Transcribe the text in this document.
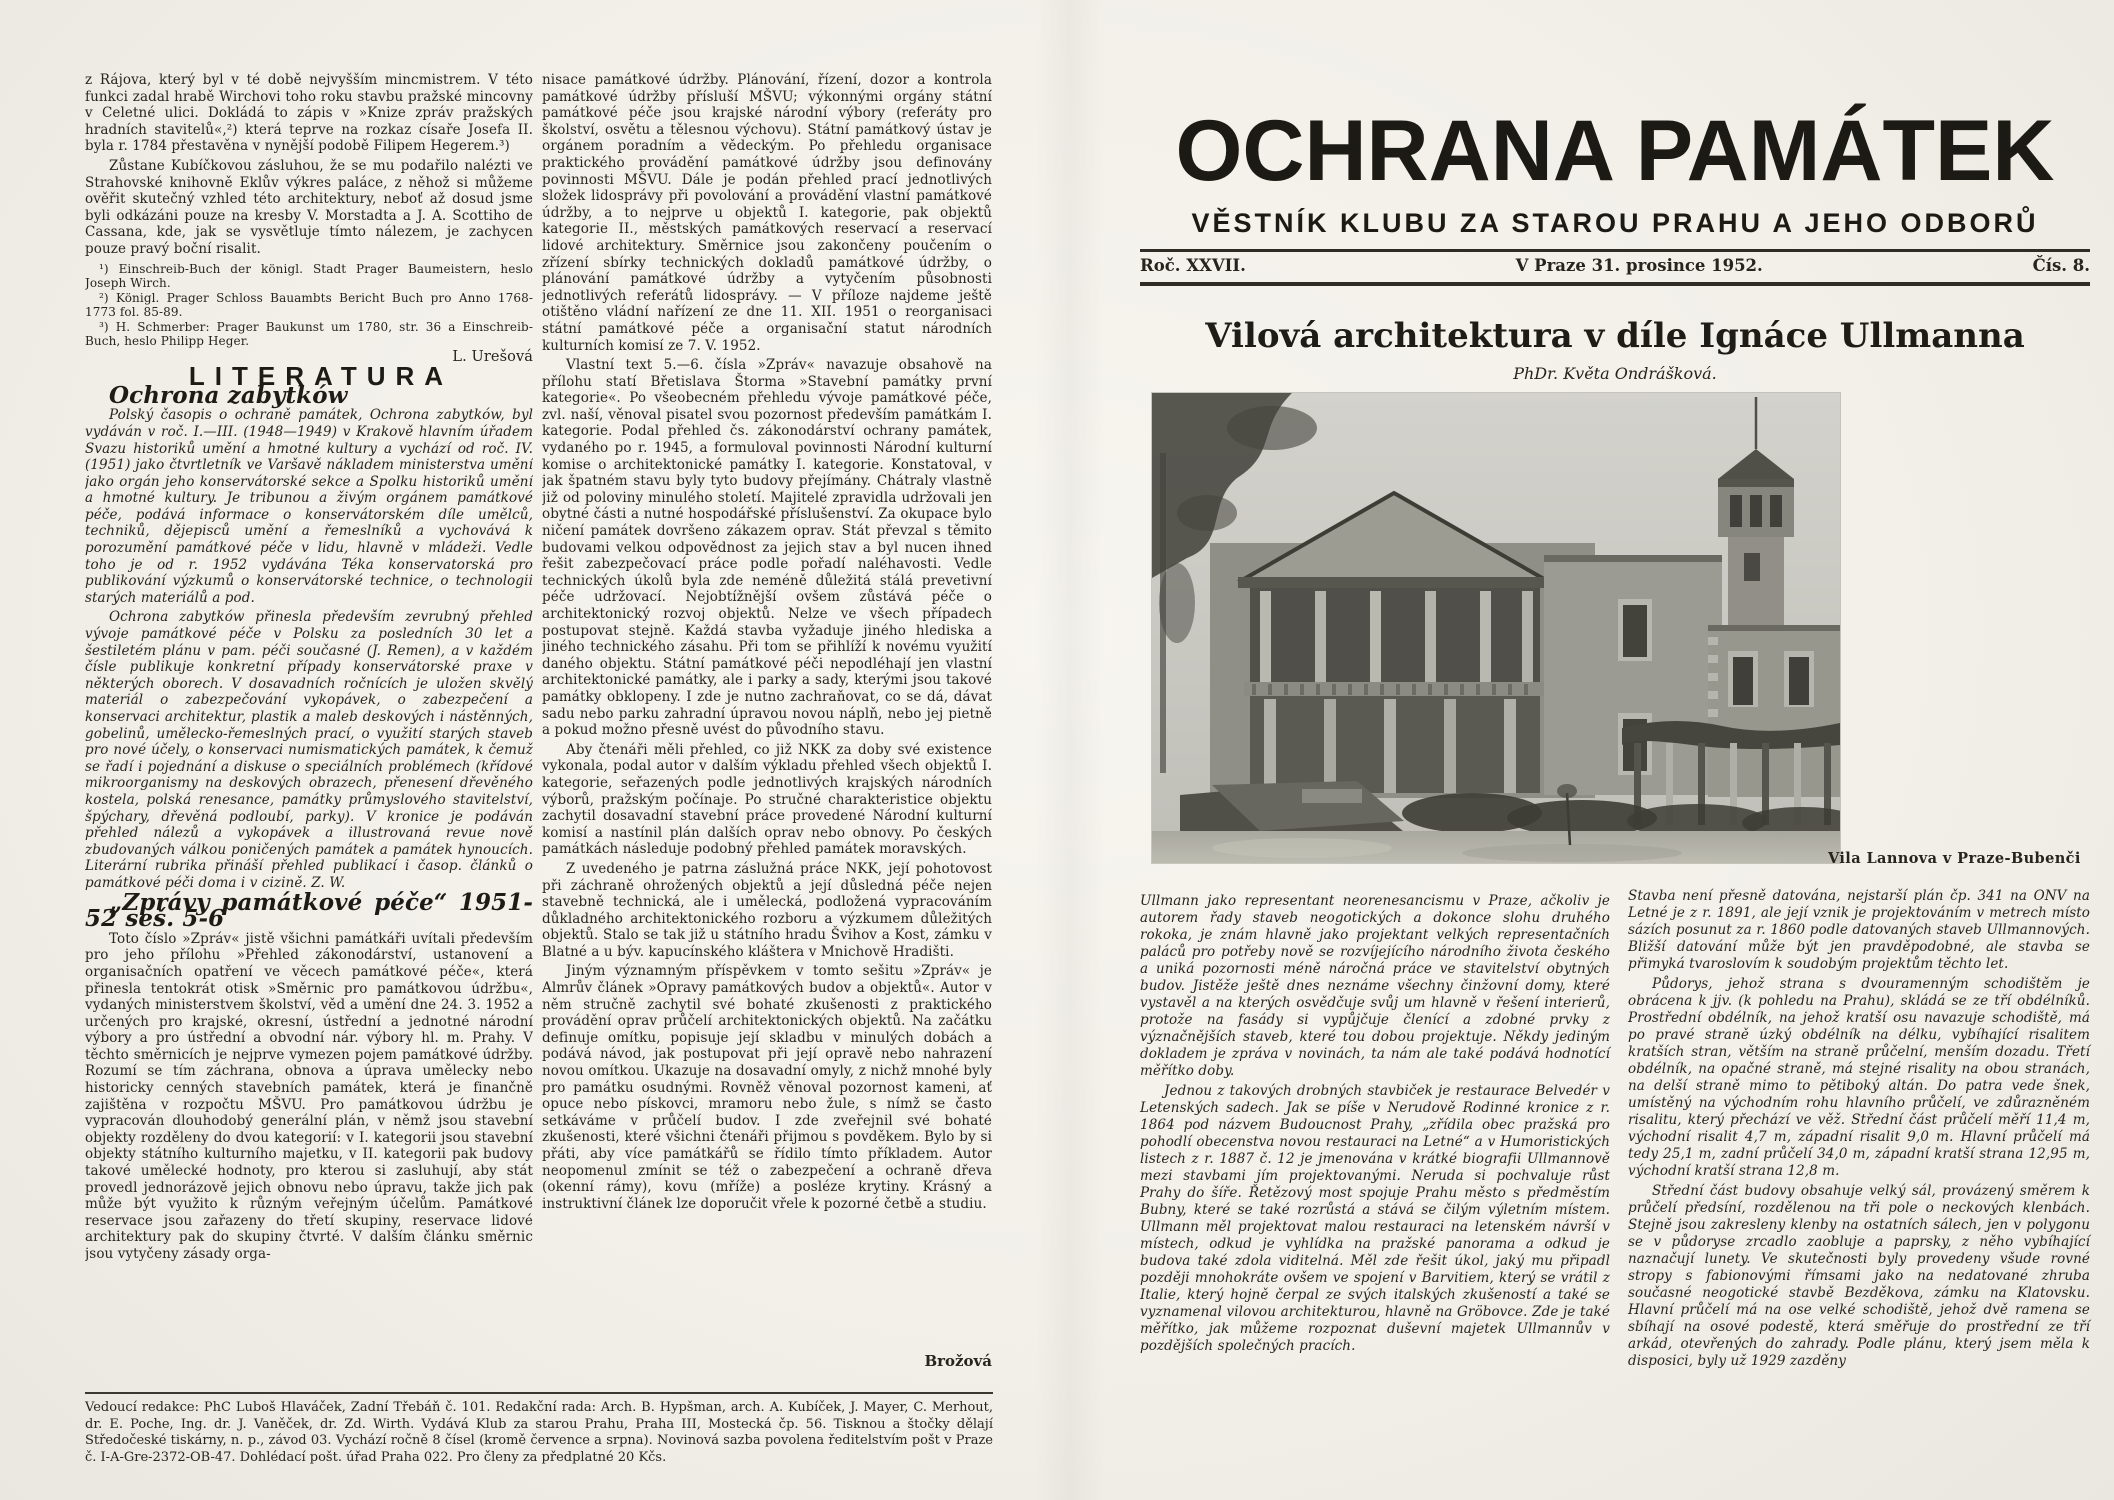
z Rájova, který byl v té době nejvyšším mincmistrem. V této funkci zadal hrabě Wirchovi toho roku stavbu pražské mincovny v Celetné ulici. Dokládá to zápis v »Knize zpráv pražských hradních stavitelů«,²) která teprve na rozkaz císaře Josefa II. byla r. 1784 přestavěna v nynější podobě Filipem Hegerem.³)

Zůstane Kubíčkovou zásluhou, že se mu podařilo nalézti ve Strahovské knihovně Eklův výkres paláce, z něhož si můžeme ověřit skutečný vzhled této architektury, neboť až dosud jsme byli odkázáni pouze na kresby V. Morstadta a J. A. Scottiho de Cassana, kde, jak se vysvětluje tímto nálezem, je zachycen pouze pravý boční risalit.

¹) Einschreib-Buch der königl. Stadt Prager Baumeistern, heslo Joseph Wirch.

²) Königl. Prager Schloss Bauambts Bericht Buch pro Anno 1768-1773 fol. 85-89.

³) H. Schmerber: Prager Baukunst um 1780, str. 36 a Einschreib-Buch, heslo Philipp Heger.

L. Urešová

LITERATURA

Ochrona zabytków

Polský časopis o ochraně památek, Ochrona zabytków, byl vydáván v roč. I.—III. (1948—1949) v Krakově hlavním úřadem Svazu historiků umění a hmotné kultury a vychází od roč. IV. (1951) jako čtvrtletník ve Varšavě nákladem ministerstva umění jako orgán jeho konservátorské sekce a Spolku historiků umění a hmotné kultury. Je tribunou a živým orgánem památkové péče, podává informace o konservátorském díle umělců, techniků, dějepisců umění a řemeslníků a vychovává k porozumění památkové péče v lidu, hlavně v mládeži. Vedle toho je od r. 1952 vydávána Téka konservatorská pro publikování výzkumů o konservátorské technice, o technologii starých materiálů a pod.

Ochrona zabytków přinesla především zevrubný přehled vývoje památkové péče v Polsku za posledních 30 let a šestiletém plánu v pam. péči současné (J. Remen), a v každém čísle publikuje konkretní případy konservátorské praxe v některých oborech. V dosavadních ročnících je uložen skvělý materiál o zabezpečování vykopávek, o zabezpečení a konservaci architektur, plastik a maleb deskových i nástěnných, gobelinů, umělecko-řemeslných prací, o využití starých staveb pro nové účely, o konservaci numismatických památek, k čemuž se řadí i pojednání a diskuse o speciálních problémech (křídové mikroorganismy na deskových obrazech, přenesení dřevěného kostela, polská renesance, památky průmyslového stavitelství, špýchary, dřevěná podloubí, parky). V kronice je podáván přehled nálezů a vykopávek a illustrovaná revue nově zbudovaných válkou poničených památek a památek hynoucích. Literární rubrika přináší přehled publikací i časop. článků o památkové péči doma i v cizině. Z. W.

„Zprávy památkové péče“ 1951-52 seš. 5-6

Toto číslo »Zpráv« jistě všichni památkáři uvítali především pro jeho přílohu »Přehled zákonodárství, ustanovení a organisačních opatření ve věcech památkové péče«, která přinesla tentokrát otisk »Směrnic pro památkovou údržbu«, vydaných ministerstvem školství, věd a umění dne 24. 3. 1952 a určených pro krajské, okresní, ústřední a jednotné národní výbory a pro ústřední a obvodní nár. výbory hl. m. Prahy. V těchto směrnicích je nejprve vymezen pojem památkové údržby. Rozumí se tím záchrana, obnova a úprava umělecky nebo historicky cenných stavebních památek, která je finančně zajištěna v rozpočtu MŠVU. Pro památkovou údržbu je vypracován dlouhodobý generální plán, v němž jsou stavební objekty rozděleny do dvou kategorií: v I. kategorii jsou stavební objekty státního kulturního majetku, v II. kategorii pak budovy takové umělecké hodnoty, pro kterou si zasluhují, aby stát provedl jednorázově jejich obnovu nebo úpravu, takže jich pak může být využito k různým veřejným účelům. Památkové reservace jsou zařazeny do třetí skupiny, reservace lidové architektury pak do skupiny čtvrté. V dalším článku směrnic jsou vytyčeny zásady orga-

nisace památkové údržby. Plánování, řízení, dozor a kontrola památkové údržby přísluší MŠVU; výkonnými orgány státní památkové péče jsou krajské národní výbory (referáty pro školství, osvětu a tělesnou výchovu). Státní památkový ústav je orgánem poradním a vědeckým. Po přehledu organisace praktického provádění památkové údržby jsou definovány povinnosti MŠVU. Dále je podán přehled prací jednotlivých složek lidosprávy při povolování a provádění vlastní památkové údržby, a to nejprve u objektů I. kategorie, pak objektů kategorie II., městských památkových reservací a reservací lidové architektury. Směrnice jsou zakončeny poučením o zřízení sbírky technických dokladů památkové údržby, o plánování památkové údržby a vytyčením působnosti jednotlivých referátů lidosprávy. — V příloze najdeme ještě otištěno vládní nařízení ze dne 11. XII. 1951 o reorganisaci státní památkové péče a organisační statut národních kulturních komisí ze 7. V. 1952.

Vlastní text 5.—6. čísla »Zpráv« navazuje obsahově na přílohu statí Břetislava Štorma »Stavební památky první kategorie«. Po všeobecném přehledu vývoje památkové péče, zvl. naší, věnoval pisatel svou pozornost především památkám I. kategorie. Podal přehled čs. zákonodárství ochrany památek, vydaného po r. 1945, a formuloval povinnosti Národní kulturní komise o architektonické památky I. kategorie. Konstatoval, v jak špatném stavu byly tyto budovy přejímány. Chátraly vlastně již od poloviny minulého století. Majitelé zpravidla udržovali jen obytné části a nutné hospodářské příslušenství. Za okupace bylo ničení památek dovršeno zákazem oprav. Stát převzal s těmito budovami velkou odpovědnost za jejich stav a byl nucen ihned řešit zabezpečovací práce podle pořadí naléhavosti. Vedle technických úkolů byla zde neméně důležitá stálá prevetivní péče udržovací. Nejobtížnější ovšem zůstává péče o architektonický rozvoj objektů. Nelze ve všech případech postupovat stejně. Každá stavba vyžaduje jiného hlediska a jiného technického zásahu. Při tom se přihlíží k novému využití daného objektu. Státní památkové péči nepodléhají jen vlastní architektonické památky, ale i parky a sady, kterými jsou takové památky obklopeny. I zde je nutno zachraňovat, co se dá, dávat sadu nebo parku zahradní úpravou novou náplň, nebo jej pietně a pokud možno přesně uvést do původního stavu.

Aby čtenáři měli přehled, co již NKK za doby své existence vykonala, podal autor v dalším výkladu přehled všech objektů I. kategorie, seřazených podle jednotlivých krajských národních výborů, pražským počínaje. Po stručné charakteristice objektu zachytil dosavadní stavební práce provedené Národní kulturní komisí a nastínil plán dalších oprav nebo obnovy. Po českých památkách následuje podobný přehled památek moravských.

Z uvedeného je patrna záslužná práce NKK, její pohotovost při záchraně ohrožených objektů a její důsledná péče nejen stavebně technická, ale i umělecká, podložená vypracováním důkladného architektonického rozboru a výzkumem důležitých objektů. Stalo se tak již u státního hradu Švihov a Kost, zámku v Blatné a u býv. kapucínského kláštera v Mnichově Hradišti.

Jiným významným příspěvkem v tomto sešitu »Zpráv« je Almrův článek »Opravy památkových budov a objektů«. Autor v něm stručně zachytil své bohaté zkušenosti z praktického provádění oprav průčelí architektonických objektů. Na začátku definuje omítku, popisuje její skladbu v minulých dobách a podává návod, jak postupovat při její opravě nebo nahrazení novou omítkou. Ukazuje na dosavadní omyly, z nichž mnohé byly pro památku osudnými. Rovněž věnoval pozornost kameni, ať opuce nebo pískovci, mramoru nebo žule, s nímž se často setkáváme v průčelí budov. I zde zveřejnil své bohaté zkušenosti, které všichni čtenáři přijmou s povděkem. Bylo by si přáti, aby více památkářů se řídilo tímto příkladem. Autor neopomenul zmínit se též o zabezpečení a ochraně dřeva (okenní rámy), kovu (mříže) a posléze krytiny. Krásný a instruktivní článek lze doporučit vřele k pozorné četbě a studiu.

Brožová
Vedoucí redakce: PhC Luboš Hlaváček, Zadní Třebáň č. 101. Redakční rada: Arch. B. Hypšman, arch. A. Kubíček, J. Mayer, C. Merhout, dr. E. Poche, Ing. dr. J. Vaněček, dr. Zd. Wirth. Vydává Klub za starou Prahu, Praha III, Mostecká čp. 56. Tisknou a štočky dělají Středočeské tiskárny, n. p., závod 03. Vychází ročně 8 čísel (kromě července a srpna). Novinová sazba povolena ředitelstvím pošt v Praze č. I-A-Gre-2372-OB-47. Dohlédací pošt. úřad Praha 022. Pro členy za předplatné 20 Kčs.
OCHRANA PAMÁTEK
VĚSTNÍK KLUBU ZA STAROU PRAHU A JEHO ODBORŮ
Roč. XXVII.	V Praze 31. prosince 1952.	Čís. 8.
Vilová architektura v díle Ignáce Ullmanna
PhDr. Květa Ondrášková.
Vila Lannova v Praze-Bubenči

Ullmann jako representant neorenesancismu v Praze, ačkoliv je autorem řady staveb neogotických a dokonce slohu druhého rokoka, je znám hlavně jako projektant velkých representačních paláců pro potřeby nově se rozvíjejícího národního života českého a uniká pozornosti méně náročná práce ve stavitelství obytných budov. Jistěže ještě dnes neznáme všechny činžovní domy, které vystavěl a na kterých osvědčuje svůj um hlavně v řešení interierů, protože na fasády si vypůjčuje členící a zdobné prvky z význačnějších staveb, které tou dobou projektuje. Někdy jediným dokladem je zpráva v novinách, ta nám ale také podává hodnotící měřítko doby.

Jednou z takových drobných stavbiček je restaurace Belvedér v Letenských sadech. Jak se píše v Nerudově Rodinné kronice z r. 1864 pod názvem Budoucnost Prahy, „zřídila obec pražská pro pohodlí obecenstva novou restauraci na Letné“ a v Humoristických listech z r. 1887 č. 12 je jmenována v krátké biografii Ullmannově mezi stavbami jím projektovanými. Neruda si pochvaluje růst Prahy do šíře. Řetězový most spojuje Prahu město s předměstím Bubny, které se také rozrůstá a stává se čilým výletním místem. Ullmann měl projektovat malou restauraci na letenském návrší v místech, odkud je vyhlídka na pražské panorama a odkud je budova také zdola viditelná. Měl zde řešit úkol, jaký mu připadl později mnohokráte ovšem ve spojení v Barvitiem, který se vrátil z Italie, který hojně čerpal ze svých italských zkušeností a také se vyznamenal vilovou architekturou, hlavně na Gröbovce. Zde je také měřítko, jak můžeme rozpoznat duševní majetek Ullmannův v pozdějších společných pracích.

Stavba není přesně datována, nejstarší plán čp. 341 na ONV na Letné je z r. 1891, ale její vznik je projektováním v metrech místo sázích posunut za r. 1860 podle datovaných staveb Ullmannových. Bližší datování může být jen pravděpodobné, ale stavba se přimyká tvaroslovím k soudobým projektům těchto let.

Půdorys, jehož strana s dvouramenným schodištěm je obrácena k jjv. (k pohledu na Prahu), skládá se ze tří obdélníků. Prostřední obdélník, na jehož kratší osu navazuje schodiště, má po pravé straně úzký obdélník na délku, vybíhající risalitem kratších stran, větším na straně průčelní, menším dozadu. Třetí obdélník, na opačné straně, má stejné risality na obou stranách, na delší straně mimo to pětiboký altán. Do patra vede šnek, umístěný na východním rohu hlavního průčelí, ve zdůrazněném risalitu, který přechází ve věž. Střední část průčelí měří 11,4 m, východní risalit 4,7 m, západní risalit 9,0 m. Hlavní průčelí má tedy 25,1 m, zadní průčelí 34,0 m, západní kratší strana 12,95 m, východní kratší strana 12,8 m.

Střední část budovy obsahuje velký sál, provázený směrem k průčelí předsíní, rozdělenou na tři pole o neckových klenbách. Stejně jsou zakresleny klenby na ostatních sálech, jen v polygonu se v půdoryse zrcadlo zaobluje a paprsky, z něho vybíhající naznačují lunety. Ve skutečnosti byly provedeny všude rovné stropy s fabionovými římsami jako na nedatované zhruba současné neogotické stavbě Bezděkova, zámku na Klatovsku. Hlavní průčelí má na ose velké schodiště, jehož dvě ramena se sbíhají na osové podestě, která směřuje do prostřední ze tří arkád, otevřených do zahrady. Podle plánu, který jsem měla k disposici, byly už 1929 zazděny
